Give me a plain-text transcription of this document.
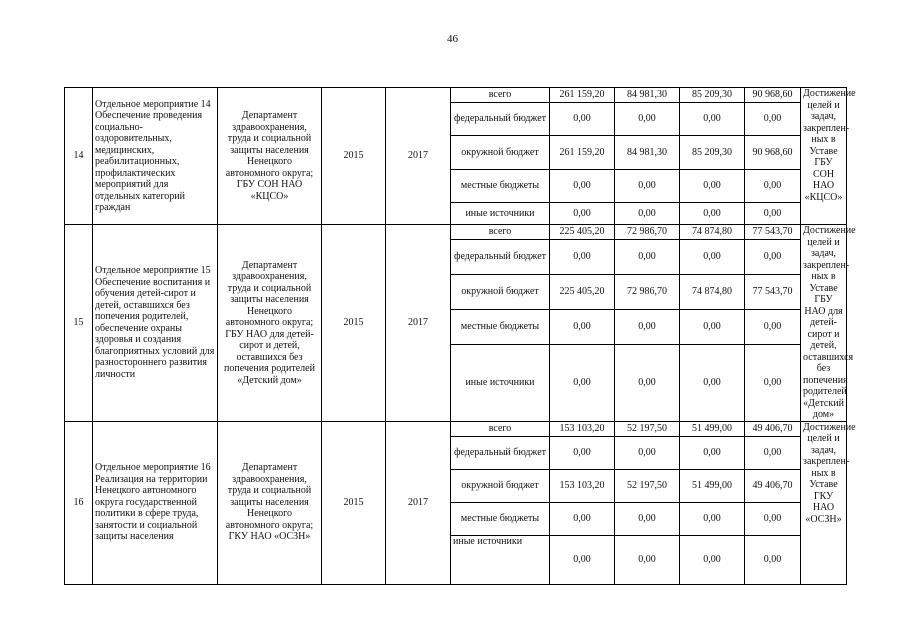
46
14	Отдельное мероприятие 14 Обеспечение проведения социально-оздоровительных, медицинских, реабилитационных, профилактических мероприятий для отдельных категорий граждан	Департамент здравоохранения, труда и социальной защиты населения Ненецкого автономного округа; ГБУ СОН НАО «КЦСО»	2015	2017	всего	261 159,20	84 981,30	85 209,30	90 968,60	Достижение целей и задач, закреплен-ных в Уставе ГБУ СОН НАО «КЦСО»
					федеральный бюджет	0,00	0,00	0,00	0,00	
					окружной бюджет	261 159,20	84 981,30	85 209,30	90 968,60	
					местные бюджеты	0,00	0,00	0,00	0,00	
					иные источники	0,00	0,00	0,00	0,00	
15	Отдельное мероприятие 15 Обеспечение воспитания и обучения детей-сирот и детей, оставшихся без попечения родителей, обеспечение охраны здоровья и создания благоприятных условий для разностороннего развития личности	Департамент здравоохранения, труда и социальной защиты населения Ненецкого автономного округа; ГБУ НАО для детей-сирот и детей, оставшихся без попечения родителей «Детский дом»	2015	2017	всего	225 405,20	72 986,70	74 874,80	77 543,70	Достижение целей и задач, закреплен-ных в Уставе ГБУ НАО для детей-сирот и детей, оставшихся без попечения родителей «Детский дом»
					федеральный бюджет	0,00	0,00	0,00	0,00	
					окружной бюджет	225 405,20	72 986,70	74 874,80	77 543,70	
					местные бюджеты	0,00	0,00	0,00	0,00	
					иные источники	0,00	0,00	0,00	0,00	
16	Отдельное мероприятие 16 Реализация на территории Ненецкого автономного округа государственной политики в сфере труда, занятости и социальной защиты населения	Департамент здравоохранения, труда и социальной защиты населения Ненецкого автономного округа; ГКУ НАО «ОСЗН»	2015	2017	всего	153 103,20	52 197,50	51 499,00	49 406,70	Достижение целей и задач, закреплен-ных в Уставе ГКУ НАО «ОСЗН»
					федеральный бюджет	0,00	0,00	0,00	0,00	
					окружной бюджет	153 103,20	52 197,50	51 499,00	49 406,70	
					местные бюджеты	0,00	0,00	0,00	0,00	
					иные источники	0,00	0,00	0,00	0,00	
